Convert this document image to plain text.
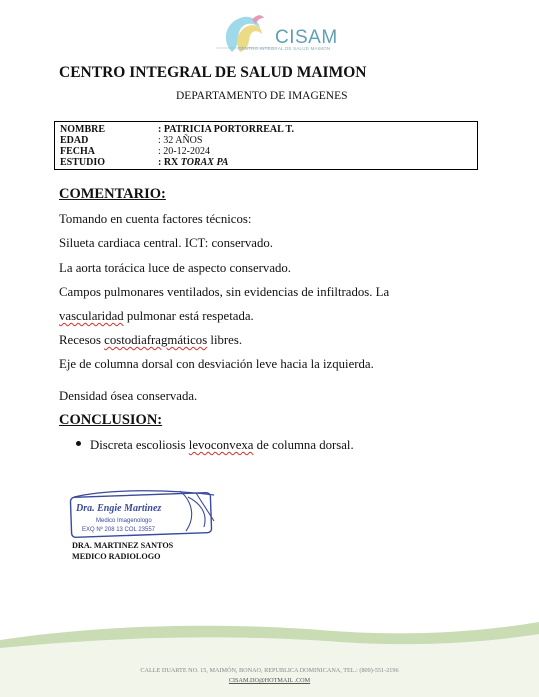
CISAM
CENTRO INTEGRAL DE SALUD MAIMON
CENTRO INTEGRAL DE SALUD MAIMON
DEPARTAMENTO DE IMAGENES
NOMBRE	: PATRICIA PORTORREAL T.
EDAD	: 32 AÑOS
FECHA	: 20-12-2024
ESTUDIO	: RX TORAX PA
COMENTARIO:
Tomando en cuenta factores técnicos:
Silueta cardiaca central. ICT: conservado.
La aorta torácica luce de aspecto conservado.
Campos pulmonares ventilados, sin evidencias de infiltrados. La
vascularidad pulmonar está respetada.
Recesos costodiafragmáticos libres.
Eje de columna dorsal con desviación leve hacia la izquierda.
Densidad ósea conservada.
CONCLUSION:
Discreta escoliosis levoconvexa de columna dorsal.
Dra. Engie Martinez
Medico Imagenologo
EXQ Nº 208 13 COL 23557
DRA. MARTINEZ SANTOS
MEDICO RADIOLOGO
CALLE DUARTE NO. 15, MAIMÓN, BONAO, REPUBLICA DOMINICANA, TEL.: (809)-551-2196
CISAM.DO@HOTMAIL .COM
